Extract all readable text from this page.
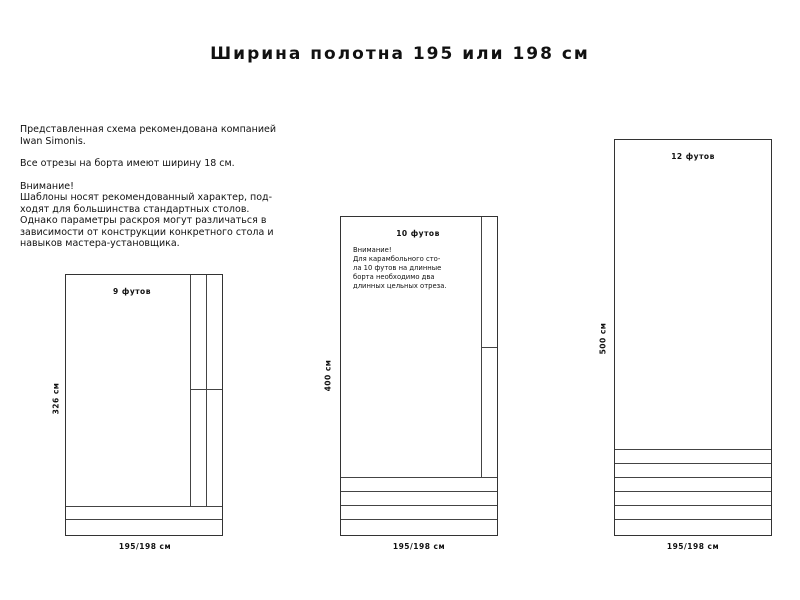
Ширина полотна 195 или 198 см

Представленная схема рекомендована компанией
Iwan Simonis.

Все отрезы на борта имеют ширину 18 см.

Внимание!
Шаблоны носят рекомендованный характер, под-
ходят для большинства стандартных столов.
Однако параметры раскроя могут различаться в
зависимости от конструкции конкретного стола и
навыков мастера-установщика.

9 футов
326 см
195/198 см
10 футов
Внимание!
Для карамбольного сто-
ла 10 футов на длинные
борта необходимо два
длинных цельных отреза.
400 см
195/198 см
12 футов
500 см
195/198 см
